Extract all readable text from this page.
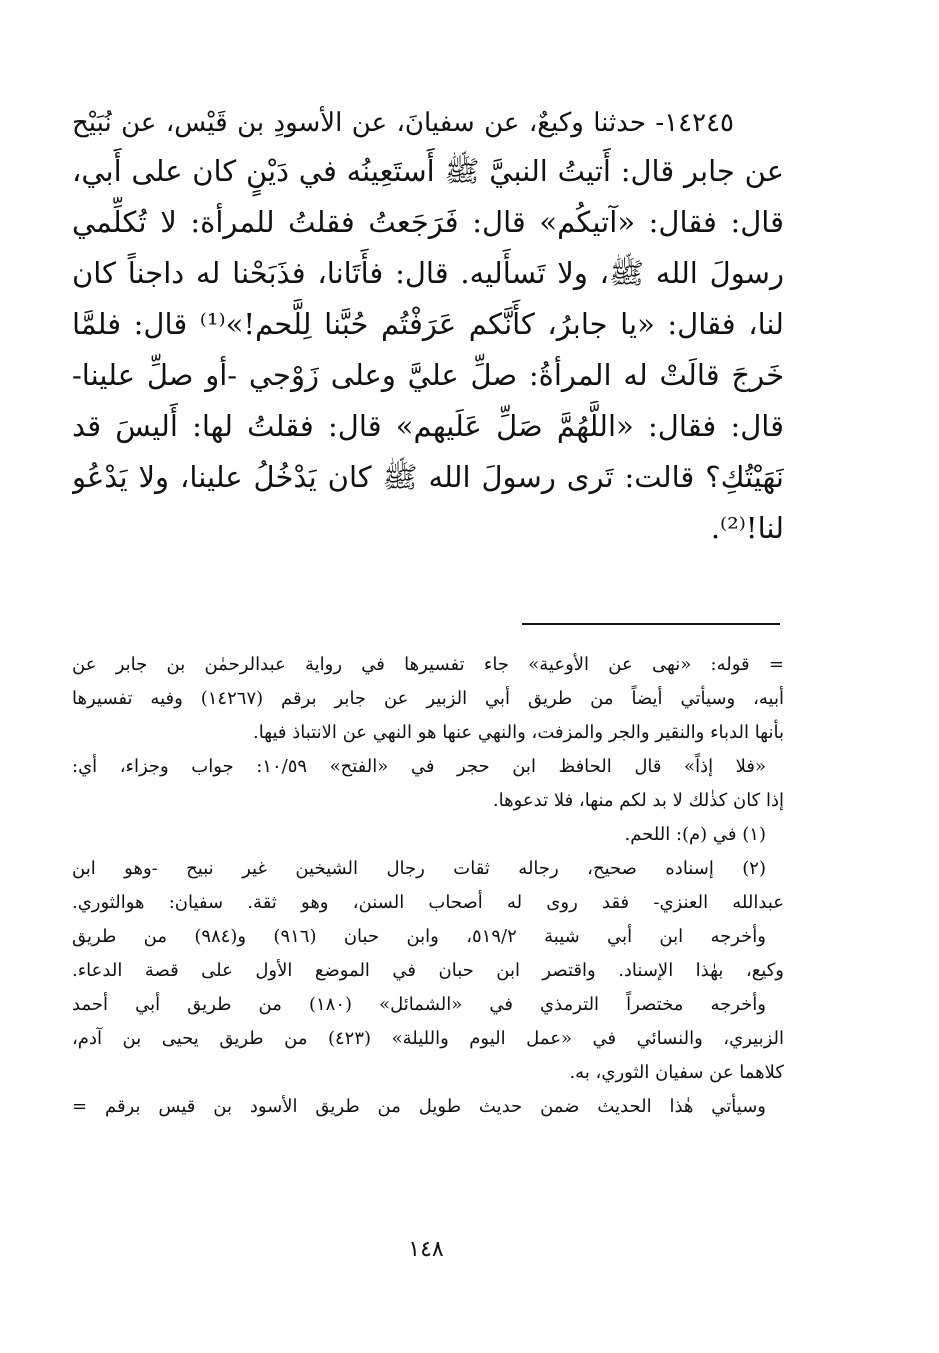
١٤٢٤٥- حدثنا وكيعٌ، عن سفيانَ، عن الأسودِ بن قَيْس، عن نُبَيْح
عن جابر قال: أَتيتُ النبيَّ ﷺ أَستَعِينُه في دَيْنٍ كان على أَبي،
قال: فقال: «آتيكُم» قال: فَرَجَعتُ فقلتُ للمرأة: لا تُكلِّمي
رسولَ الله ﷺ، ولا تَسأَليه. قال: فأَتَانا، فذَبَحْنا له داجناً كان
لنا، فقال: «يا جابرُ، كأَنَّكم عَرَفْتُم حُبَّنا لِلَّحم!»⁽¹⁾ قال: فلمَّا
خَرجَ قالَتْ له المرأةُ: صلِّ عليَّ وعلى زَوْجي -أو صلِّ علينا-
قال: فقال: «اللَّهُمَّ صَلِّ عَلَيهم» قال: فقلتُ لها: أَليسَ قد
نَهَيْتُكِ؟ قالت: تَرى رسولَ الله ﷺ كان يَدْخُلُ علينا، ولا يَدْعُو
لنا!⁽²⁾.
= قوله: «نهى عن الأوعية» جاء تفسيرها في رواية عبدالرحمٰن بن جابر عن
أبيه، وسيأتي أيضاً من طريق أبي الزبير عن جابر برقم (١٤٢٦٧) وفيه تفسيرها
بأنها الدباء والنقير والجر والمزفت، والنهي عنها هو النهي عن الانتباذ فيها.
«فلا إذاً» قال الحافظ ابن حجر في «الفتح» ١٠/٥٩: جواب وجزاء، أي:
إذا كان كذٰلك لا بد لكم منها، فلا تدعوها.
(١) في (م): اللحم.
(٢) إسناده صحيح، رجاله ثقات رجال الشيخين غير نبيح -وهو ابن
عبدالله العنزي- فقد روى له أصحاب السنن، وهو ثقة. سفيان: هوالثوري.
وأخرجه ابن أبي شيبة ٥١٩/٢، وابن حبان (٩١٦) و(٩٨٤) من طريق
وكيع، بهٰذا الإسناد. واقتصر ابن حبان في الموضع الأول على قصة الدعاء.
وأخرجه مختصراً الترمذي في «الشمائل» (١٨٠) من طريق أبي أحمد
الزبيري، والنسائي في «عمل اليوم والليلة» (٤٢٣) من طريق يحيى بن آدم،
كلاهما عن سفيان الثوري، به.
وسيأتي هٰذا الحديث ضمن حديث طويل من طريق الأسود بن قيس برقم =
١٤٨
